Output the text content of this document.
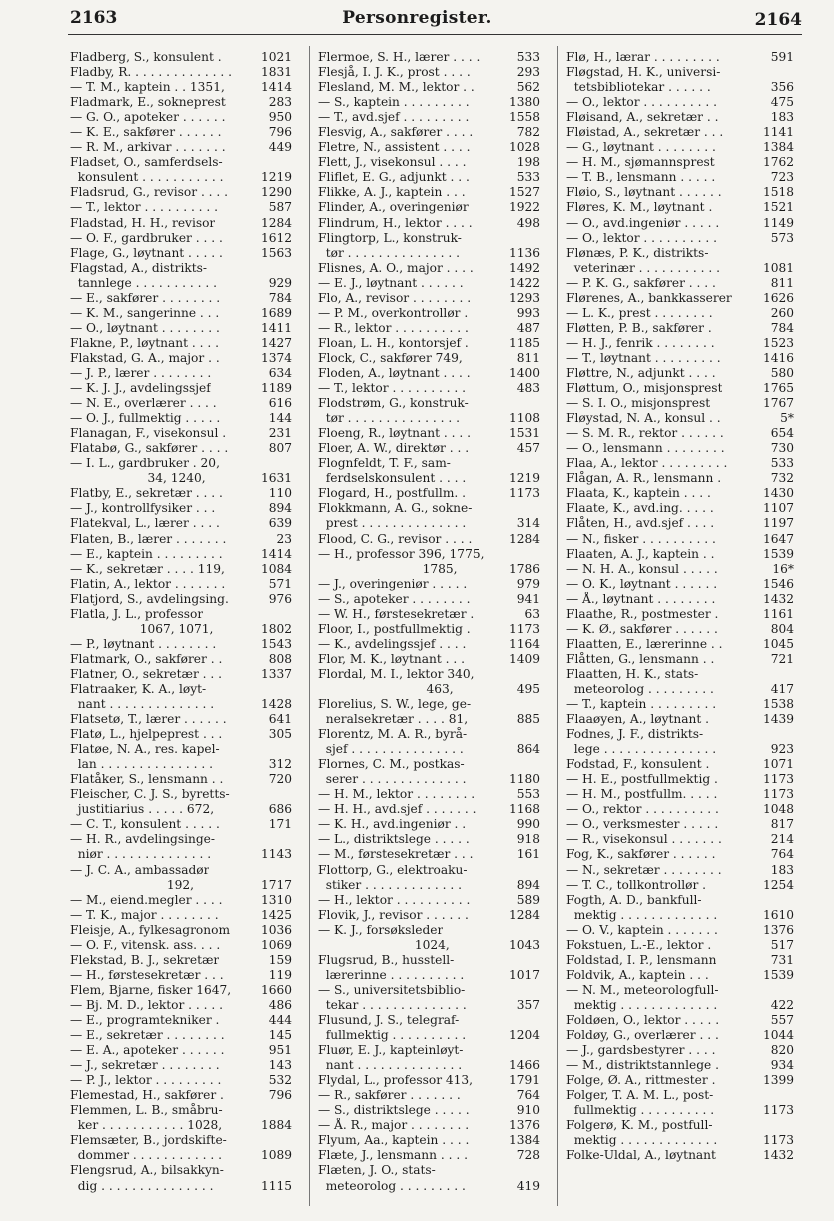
2163	Personregister.	2164
Fladberg, S., konsulent .	1021
Fladby, R. . . . . . . . . . . . . . 1831
— T. M., kaptein . . 1351,	1414
Fladmark, E., sokneprest	283
— G. O., apoteker . . . . . .	950
— K. E., sakfører . . . . . .	796
— R. M., arkivar . . . . . . .	449
Fladset, O., samferdsels-
konsulent . . . . . . . . . . .	1219
Fladsrud, G., revisor . . . .	1290
— T., lektor . . . . . . . . . .	587
Fladstad, H. H., revisor	1284
— O. F., gardbruker . . . .	1612
Flage, G., løytnant . . . . .	1563
Flagstad, A., distrikts-
tannlege . . . . . . . . . . .	929
— E., sakfører . . . . . . . .	784
— K. M., sangerinne . . .	1689
— O., løytnant . . . . . . . .	1411
Flakne, P., løytnant . . . .	1427
Flakstad, G. A., major . .	1374
— J. P., lærer . . . . . . . .	634
— K. J. J., avdelingssjef	1189
— N. E., overlærer . . . .	616
— O. J., fullmektig . . . . .	144
Flanagan, F., visekonsul .	231
Flatabø, G., sakfører . . . .	807
— I. L., gardbruker . 20,
34, 1240,	1631
Flatby, E., sekretær . . . .	110
— J., kontrollfysiker . . .	894
Flatekval, L., lærer . . . .	639
Flaten, B., lærer . . . . . . .	23
— E., kaptein . . . . . . . . .	1414
— K., sekretær . . . . 119,	1084
Flatin, A., lektor . . . . . . .	571
Flatjord, S., avdelingsing.	976
Flatla, J. L., professor
1067, 1071,	1802
— P., løytnant . . . . . . . .	1543
Flatmark, O., sakfører . .	808
Flatner, O., sekretær . . .	1337
Flatraaker, K. A., løyt-
nant . . . . . . . . . . . . . .	1428
Flatsetø, T., lærer . . . . . .	641
Flatø, L., hjelpeprest . . .	305
Flatøe, N. A., res. kapel-
lan . . . . . . . . . . . . . . .	312
Flatåker, S., lensmann . .	720
Fleischer, C. J. S., byretts-
justitiarius . . . . . 672,	686
— C. T., konsulent . . . . .	171
— H. R., avdelingsinge-
niør . . . . . . . . . . . . . .	1143
— J. C. A., ambassadør
192,	1717
— M., eiend.megler . . . .	1310
— T. K., major . . . . . . . .	1425
Fleisje, A., fylkesagronom	1036
— O. F., vitensk. ass. . . .	1069
Flekstad, B. J., sekretær	159
— H., førstesekretær . . .	119
Flem, Bjarne, fisker 1647, 1660
— Bj. M. D., lektor . . . . .	486
— E., programtekniker .	444
— E., sekretær . . . . . . . .	145
— E. A., apoteker . . . . . .	951
— J., sekretær . . . . . . . .	143
— P. J., lektor . . . . . . . . .	532
Flemestad, H., sakfører .	796
Flemmen, L. B., småbru-
ker . . . . . . . . . . . 1028,	1884
Flemsæter, B., jordskifte-
dommer . . . . . . . . . . . .	1089
Flengsrud, A., bilsakkyn-
dig . . . . . . . . . . . . . . .	1115
Flermoe, S. H., lærer . . . .	533
Flesjå, I. J. K., prost . . . .	293
Flesland, M. M., lektor . .	562
— S., kaptein . . . . . . . . .	1380
— T., avd.sjef . . . . . . . . .	1558
Flesvig, A., sakfører . . . .	782
Fletre, N., assistent . . . .	1028
Flett, J., visekonsul . . . .	198
Fliflet, E. G., adjunkt . . .	533
Flikke, A. J., kaptein . . .	1527
Flinder, A., overingeniør	1922
Flindrum, H., lektor . . . .	498
Flingtorp, L., konstruk-
tør . . . . . . . . . . . . . . .	1136
Flisnes, A. O., major . . . .	1492
— E. J., løytnant . . . . . .	1422
Flo, A., revisor . . . . . . . .	1293
— P. M., overkontrollør .	993
— R., lektor . . . . . . . . . .	487
Floan, L. H., kontorsjef .	1185
Flock, C., sakfører 749,	811
Floden, A., løytnant . . . .	1400
— T., lektor . . . . . . . . . .	483
Flodstrøm, G., konstruk-
tør . . . . . . . . . . . . . . .	1108
Floeng, R., løytnant . . . .	1531
Floer, A. W., direktør . . .	457
Flognfeldt, T. F., sam-
ferdselskonsulent . . . .	1219
Flogard, H., postfullm. .	1173
Flokkmann, A. G., sokne-
prest . . . . . . . . . . . . . .	314
Flood, C. G., revisor . . . .	1284
— H., professor 396, 1775,
1785,	1786
— J., overingeniør . . . . .	979
— S., apoteker . . . . . . . .	941
— W. H., førstesekretær .	63
Floor, I., postfullmektig .	1173
— K., avdelingssjef . . . .	1164
Flor, M. K., løytnant . . .	1409
Flordal, M. I., lektor 340,
463,	495
Florelius, S. W., lege, ge-
neralsekretær . . . . 81,	885
Florentz, M. A. R., byrå-
sjef . . . . . . . . . . . . . . .	864
Flornes, C. M., postkas-
serer . . . . . . . . . . . . . .	1180
— H. M., lektor . . . . . . . .	553
— H. H., avd.sjef . . . . . . .	1168
— K. H., avd.ingeniør . .	990
— L., distriktslege . . . . .	918
— M., førstesekretær . . .	161
Flottorp, G., elektroaku-
stiker . . . . . . . . . . . . .	894
— H., lektor . . . . . . . . . .	589
Flovik, J., revisor . . . . . .	1284
— K. J., forsøksleder
1024,	1043
Flugsrud, B., husstell-
lærerinne . . . . . . . . . .	1017
— S., universitetsbiblio-
tekar . . . . . . . . . . . . . .	357
Flusund, J. S., telegraf-
fullmektig . . . . . . . . . .	1204
Fluør, E. J., kapteinløyt-
nant . . . . . . . . . . . . . .	1466
Flydal, L., professor 413,	1791
— R., sakfører . . . . . . .	764
— S., distriktslege . . . . .	910
— Å. R., major . . . . . . . .	1376
Flyum, Aa., kaptein . . . .	1384
Flæte, J., lensmann . . . .	728
Flæten, J. O., stats-
meteorolog . . . . . . . . .	419
Flø, H., lærar . . . . . . . . .	591
Fløgstad, H. K., universi-
tetsbibliotekar . . . . . .	356
— O., lektor . . . . . . . . . .	475
Fløisand, A., sekretær . .	183
Fløistad, A., sekretær . . .	1141
— G., løytnant . . . . . . . .	1384
— H. M., sjømannsprest	1762
— T. B., lensmann . . . . .	723
Fløio, S., løytnant . . . . . .	1518
Fløres, K. M., løytnant .	1521
— O., avd.ingeniør . . . . .	1149
— O., lektor . . . . . . . . . .	573
Flønæs, P. K., distrikts-
veterinær . . . . . . . . . . .	1081
— P. K. G., sakfører . . . .	811
Flørenes, A., bankkasserer	1626
— L. K., prest . . . . . . . .	260
Fløtten, P. B., sakfører .	784
— H. J., fenrik . . . . . . . .	1523
— T., løytnant . . . . . . . . .	1416
Fløttre, N., adjunkt . . . .	580
Fløttum, O., misjonsprest	1765
— S. I. O., misjonsprest	1767
Fløystad, N. A., konsul . .	5*
— S. M. R., rektor . . . . . .	654
— O., lensmann . . . . . . . .	730
Flaa, A., lektor . . . . . . . . .	533
Flågan, A. R., lensmann .	732
Flaata, K., kaptein . . . .	1430
Flaate, K., avd.ing. . . . .	1107
Flåten, H., avd.sjef . . . .	1197
— N., fisker . . . . . . . . . .	1647
Flaaten, A. J., kaptein . .	1539
— N. H. A., konsul . . . . .	16*
— O. K., løytnant . . . . . .	1546
— Å., løytnant . . . . . . . .	1432
Flaathe, R., postmester .	1161
— K. Ø., sakfører . . . . . .	804
Flaatten, E., lærerinne . .	1045
Flåtten, G., lensmann . .	721
Flaatten, H. K., stats-
meteorolog . . . . . . . . .	417
— T., kaptein . . . . . . . . .	1538
Flaaøyen, A., løytnant .	1439
Fodnes, J. F., distrikts-
lege . . . . . . . . . . . . . . .	923
Fodstad, F., konsulent .	1071
— H. E., postfullmektig .	1173
— H. M., postfullm. . . . .	1173
— O., rektor . . . . . . . . . .	1048
— O., verksmester . . . . .	817
— R., visekonsul . . . . . . .	214
Fog, K., sakfører . . . . . .	764
— N., sekretær . . . . . . . .	183
— T. C., tollkontrollør .	1254
Fogth, A. D., bankfull-
mektig . . . . . . . . . . . . .	1610
— O. V., kaptein . . . . . . .	1376
Fokstuen, L.-E., lektor .	517
Foldstad, I. P., lensmann	731
Foldvik, A., kaptein . . .	1539
— N. M., meteorologfull-
mektig . . . . . . . . . . . . .	422
Foldøen, O., lektor . . . . .	557
Foldøy, G., overlærer . . .	1044
— J., gardsbestyrer . . . .	820
— M., distriktstannlege .	934
Folge, Ø. A., rittmester .	1399
Folger, T. A. M. L., post-
fullmektig . . . . . . . . . .	1173
Folgerø, K. M., postfull-
mektig . . . . . . . . . . . . .	1173
Folke-Uldal, A., løytnant	1432
